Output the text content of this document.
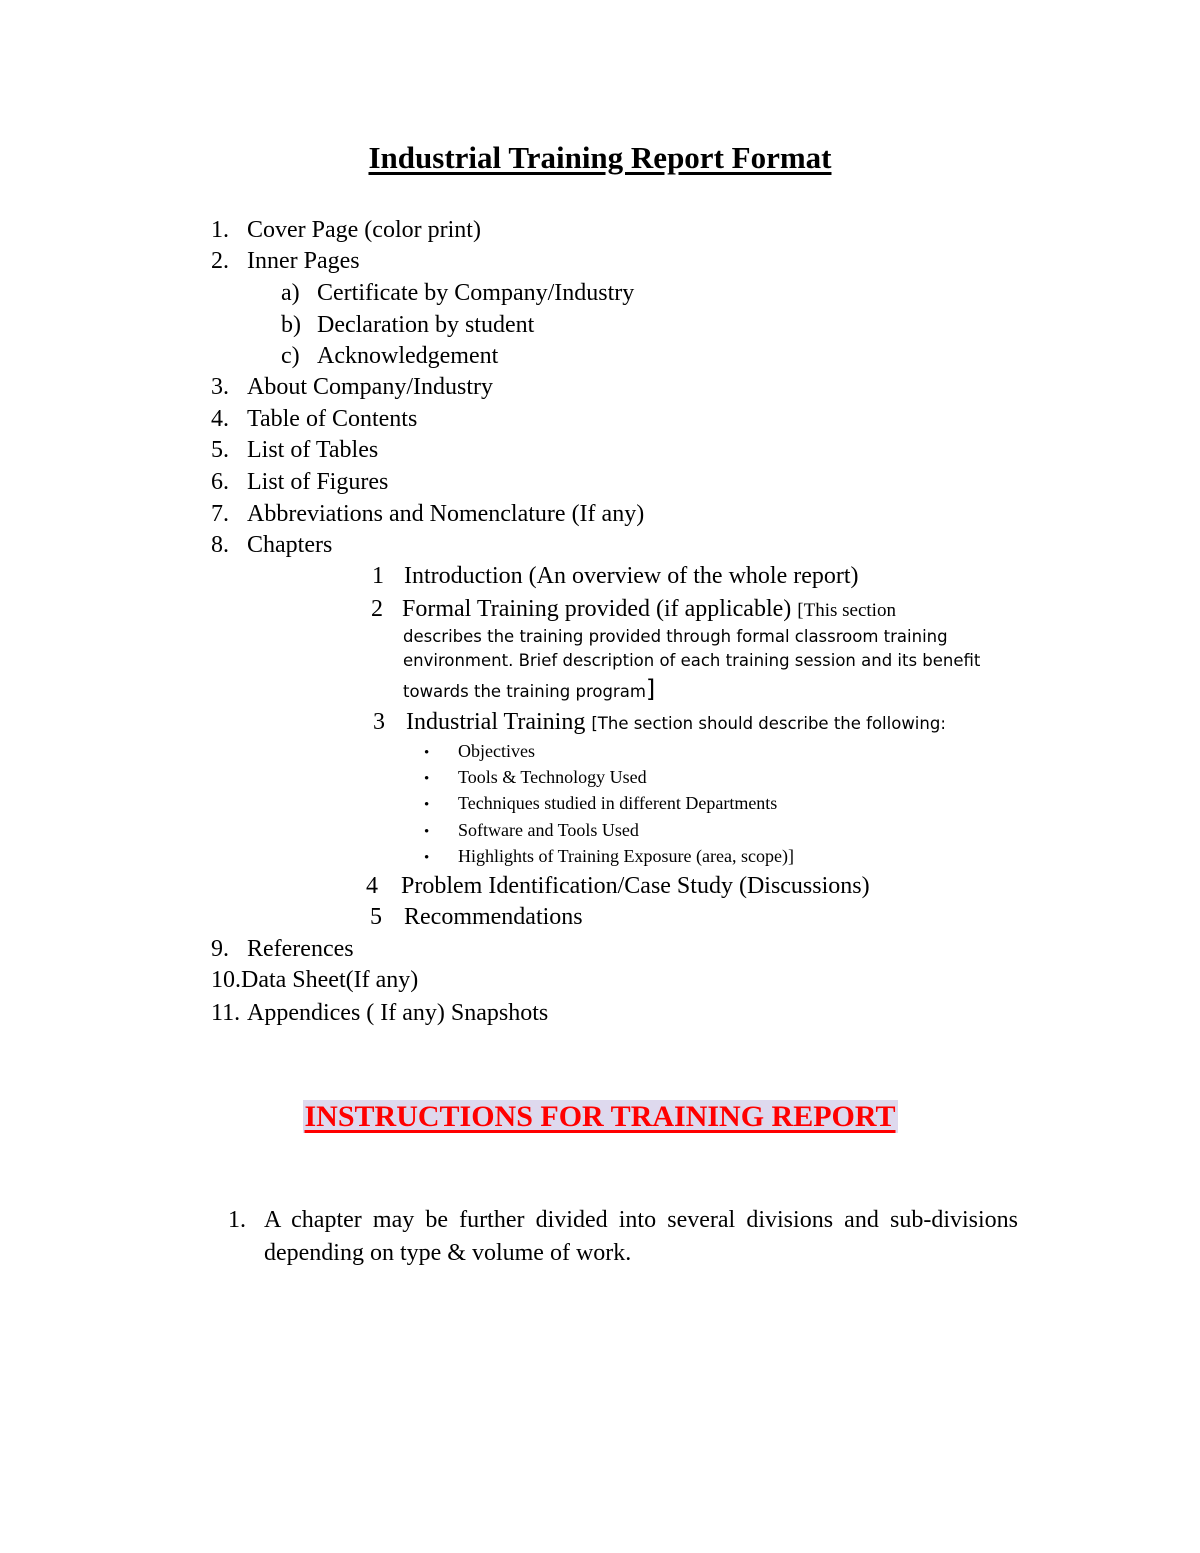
Industrial Training Report Format
1. Cover Page (color print)
2. Inner Pages
a) Certificate by Company/Industry
b) Declaration by student
c) Acknowledgement
3. About Company/Industry
4. Table of Contents
5. List of Tables
6. List of Figures
7. Abbreviations and Nomenclature (If any)
8. Chapters
1 Introduction (An overview of the whole report)
2 Formal Training provided (if applicable) [This section
describes the training provided through formal classroom training
environment. Brief description of each training session and its benefit
towards the training program]
3 Industrial Training [The section should describe the following:
• Objectives
• Tools & Technology Used
• Techniques studied in different Departments
• Software and Tools Used
• Highlights of Training Exposure (area, scope)]
4 Problem Identification/Case Study (Discussions)
5 Recommendations
9. References
10.Data Sheet(If any)
11. Appendices ( If any) Snapshots
INSTRUCTIONS FOR TRAINING REPORT
1. A chapter may be further divided into several divisions and sub-divisions depending on type & volume of work.
